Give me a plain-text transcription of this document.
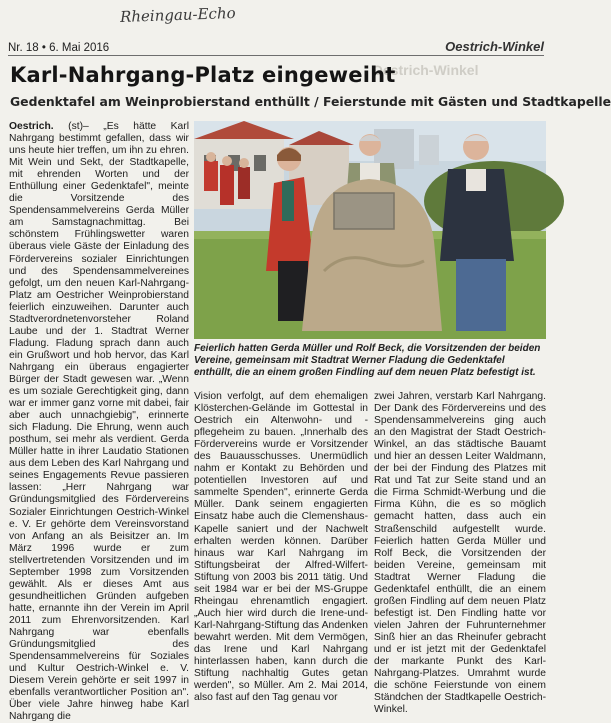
Rheingau-Echo
Nr. 18 • 6. Mai 2016	Oestrich-Winkel
Oestrich-Winkel
Karl-Nahrgang-Platz eingeweiht
Gedenktafel am Weinprobierstand enthüllt / Feierstunde mit Gästen und Stadtkapelle

Oestrich. (st)– „Es hätte Karl Nahrgang bestimmt gefallen, dass wir uns heute hier treffen, um ihn zu ehren. Mit Wein und Sekt, der Stadtkapelle, mit ehrenden Worten und der Enthüllung einer Gedenktafel", meinte die Vorsitzende des Spendensammelvereins Gerda Müller am Samstagnachmittag. Bei schönstem Frühlingswetter waren überaus viele Gäste der Einladung des Fördervereins sozialer Einrichtungen und des Spendensammelvereines gefolgt, um den neuen Karl-Nahrgang-Platz am Oestricher Weinprobierstand feierlich einzuweihen. Darunter auch Stadtverordnetenvorsteher Roland Laube und der 1. Stadtrat Werner Fladung. Fladung sprach dann auch ein Grußwort und hob hervor, das Karl Nahrgang ein überaus engagierter Bürger der Stadt gewesen war. „Wenn es um soziale Gerechtigkeit ging, dann war er immer ganz vorne mit dabei, fair aber auch unnachgiebig", erinnerte sich Fladung. Die Ehrung, wenn auch posthum, sei mehr als verdient. Gerda Müller hatte in ihrer Laudatio Stationen aus dem Leben des Karl Nahrgang und seines Engagements Revue passieren lassen: „Herr Nahrgang war Gründungsmitglied des Fördervereins Sozialer Einrichtungen Oestrich-Winkel e. V. Er gehörte dem Vereinsvorstand von Anfang an als Beisitzer an. Im März 1996 wurde er zum stellvertretenden Vorsitzenden und im September 1998 zum Vorsitzenden gewählt. Als er dieses Amt aus gesundheitlichen Gründen aufgeben hatte, ernannte ihn der Verein im April 2011 zum Ehrenvorsitzenden. Karl Nahrgang war ebenfalls Gründungsmitglied des Spendensammelvereins für Soziales und Kultur Oestrich-Winkel e. V. Diesem Verein gehörte er seit 1997 in ebenfalls verantwortlicher Position an". Über viele Jahre hinweg habe Karl Nahrgang die

Feierlich hatten Gerda Müller und Rolf Beck, die Vorsitzenden der beiden Vereine, gemeinsam mit Stadtrat Werner Fladung die Gedenktafel enthüllt, die an einem großen Findling auf dem neuen Platz befestigt ist.

Vision verfolgt, auf dem ehemaligen Klösterchen-Gelände im Gottestal in Oestrich ein Altenwohn- und -pflegeheim zu bauen. „Innerhalb des Fördervereins wurde er Vorsitzender des Bauausschusses. Unermüdlich nahm er Kontakt zu Behörden und potentiellen Investoren auf und sammelte Spenden", erinnerte Gerda Müller. Dank seinem engagierten Einsatz habe auch die Clemenshaus-Kapelle saniert und der Nachwelt erhalten werden können. Darüber hinaus war Karl Nahrgang im Stiftungsbeirat der Alfred-Wilfert-Stiftung von 2003 bis 2011 tätig. Und seit 1984 war er bei der MS-Gruppe Rheingau ehrenamtlich engagiert. „Auch hier wird durch die Irene-und-Karl-Nahrgang-Stiftung das Andenken bewahrt werden. Mit dem Vermögen, das Irene und Karl Nahrgang hinterlassen haben, kann durch die Stiftung nachhaltig Gutes getan werden", so Müller. Am 2. Mai 2014, also fast auf den Tag genau vor

zwei Jahren, verstarb Karl Nahrgang. Der Dank des Fördervereins und des Spendensammelvereins ging auch an den Magistrat der Stadt Oestrich-Winkel, an das städtische Bauamt und hier an dessen Leiter Waldmann, der bei der Findung des Platzes mit Rat und Tat zur Seite stand und an die Firma Schmidt-Werbung und die Firma Kühn, die es so möglich gemacht hatten, dass auch ein Straßenschild aufgestellt wurde. Feierlich hatten Gerda Müller und Rolf Beck, die Vorsitzenden der beiden Vereine, gemeinsam mit Stadtrat Werner Fladung die Gedenktafel enthüllt, die an einem großen Findling auf dem neuen Platz befestigt ist. Den Findling hatte vor vielen Jahren der Fuhrunternehmer Sinß hier an das Rheinufer gebracht und er ist jetzt mit der Gedenktafel der markante Punkt des Karl-Nahrgang-Platzes. Umrahmt wurde die schöne Feierstunde von einem Ständchen der Stadtkapelle Oestrich-Winkel.
